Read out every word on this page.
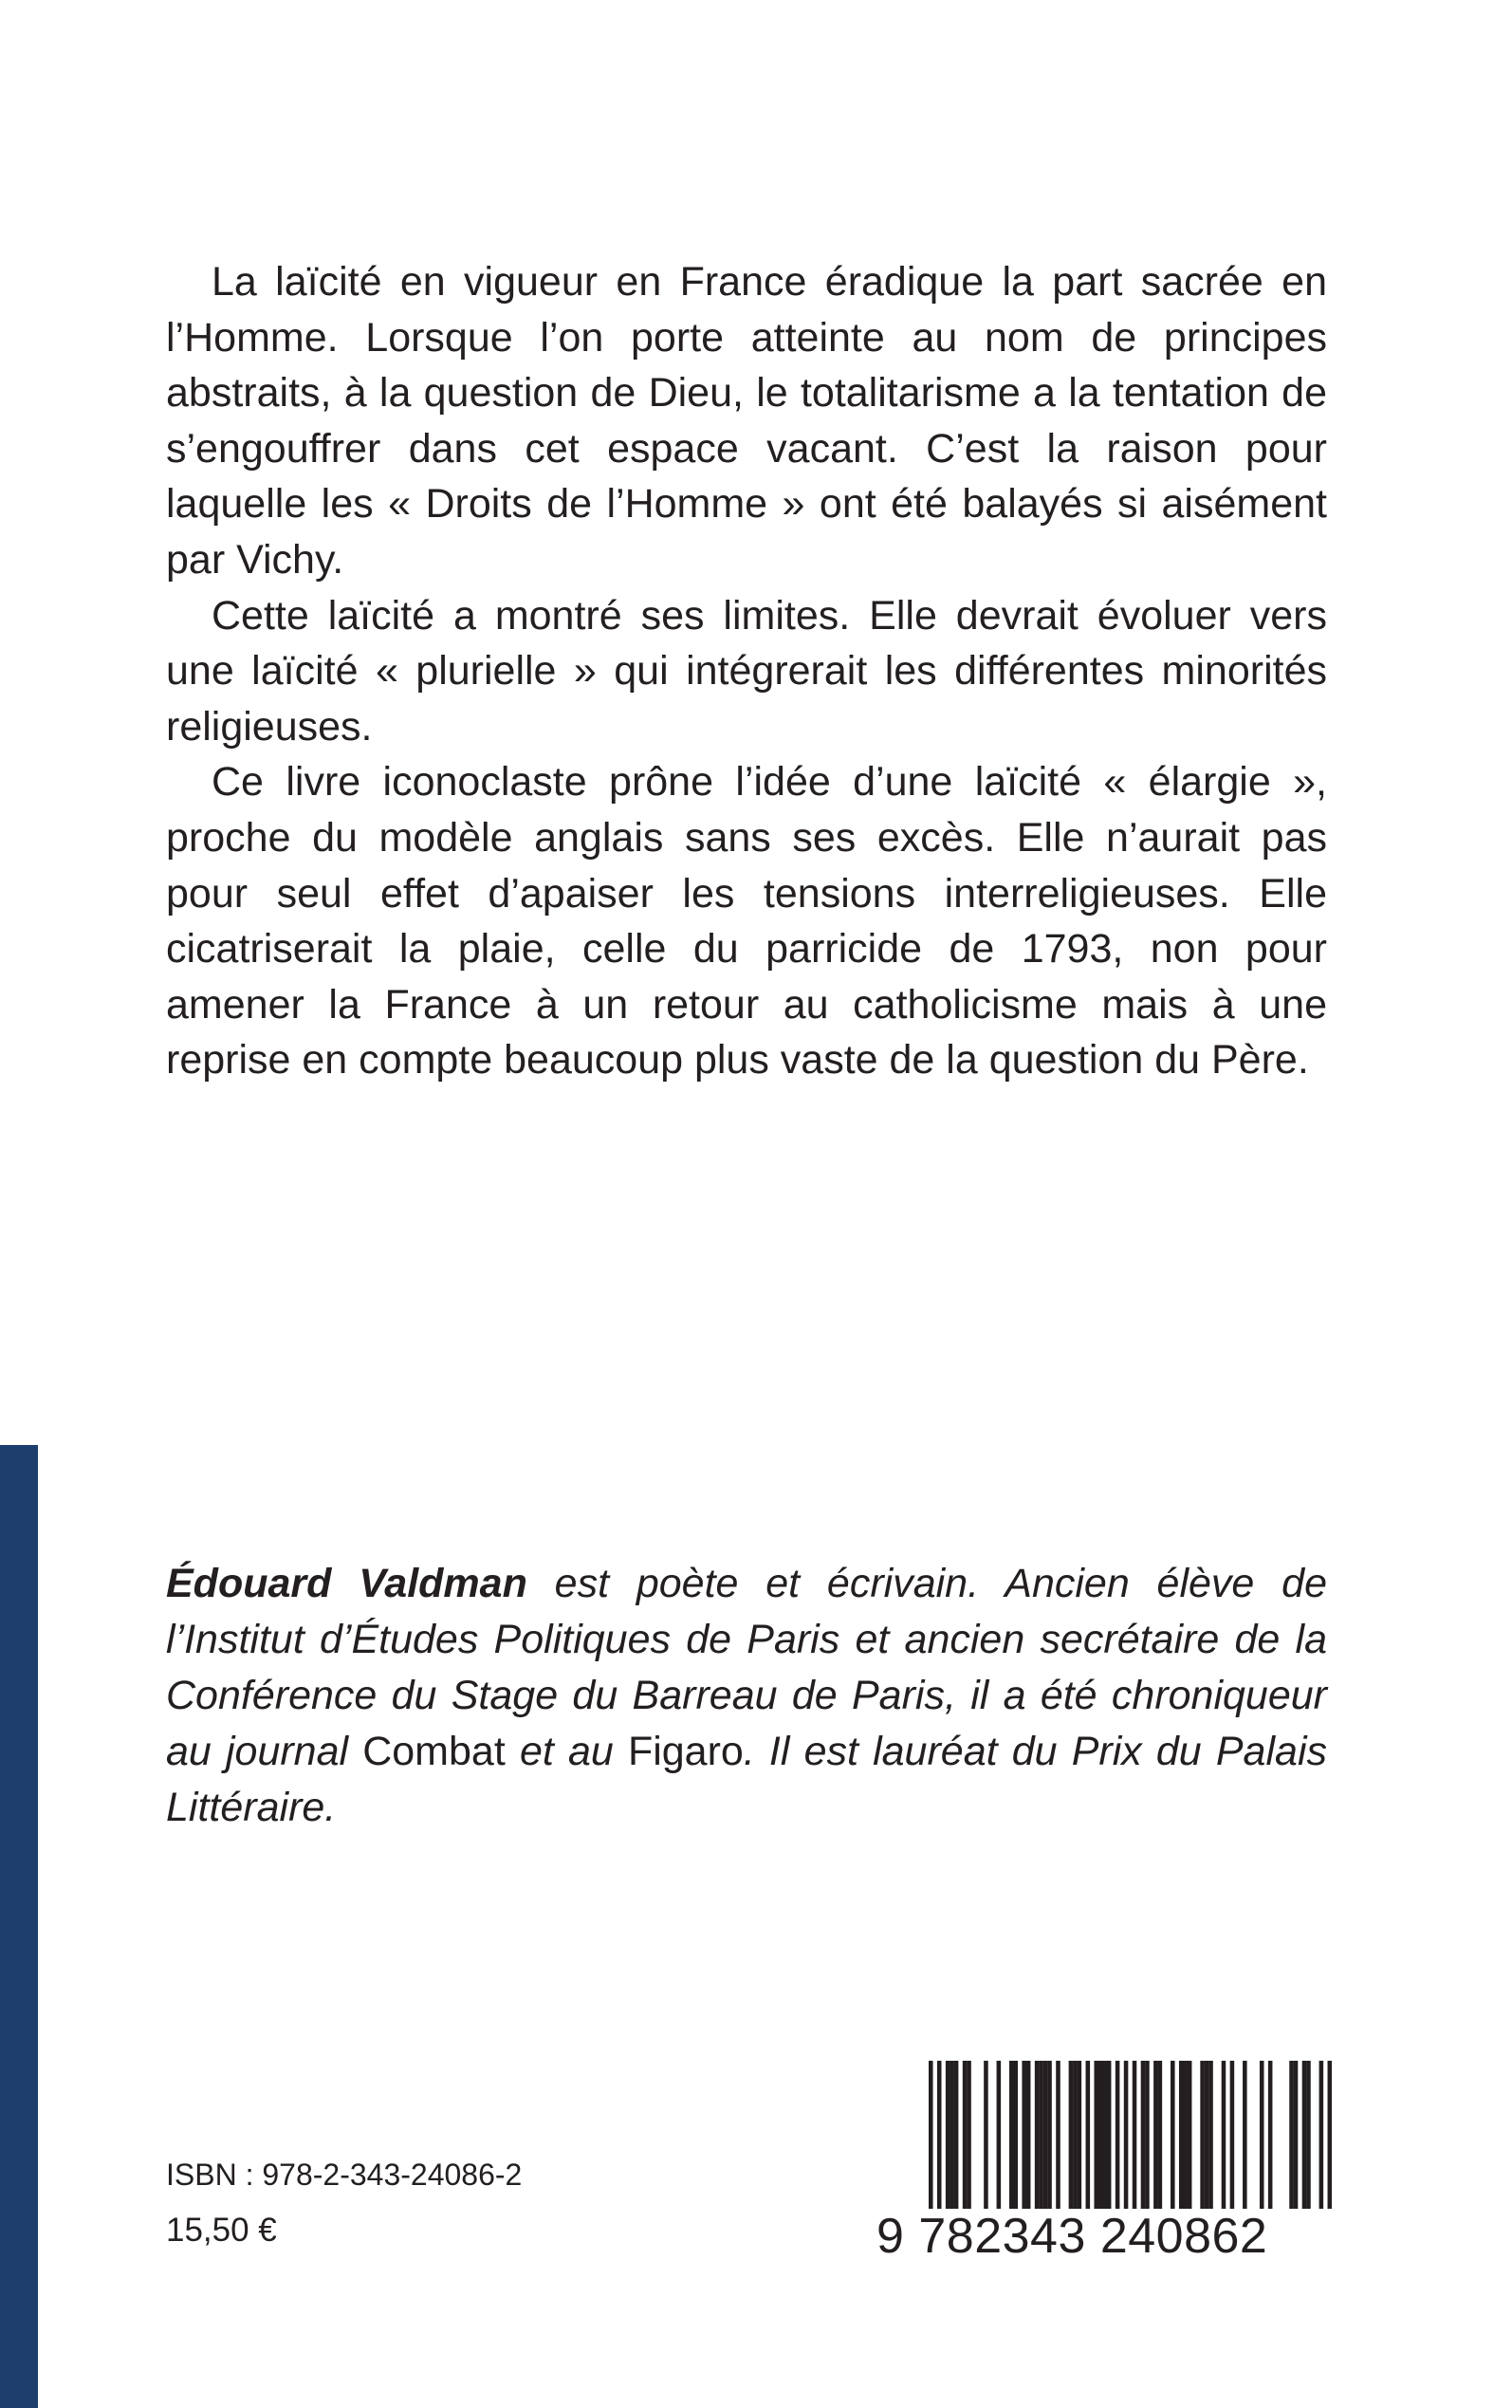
La laïcité en vigueur en France éradique la part sacrée en l’Homme. Lorsque l’on porte atteinte au nom de principes abstraits, à la question de Dieu, le totalitarisme a la tentation de s’engouffrer dans cet espace vacant. C’est la raison pour laquelle les « Droits de l’Homme » ont été balayés si aisément par Vichy.

Cette laïcité a montré ses limites. Elle devrait évoluer vers une laïcité « plurielle » qui intégrerait les différentes minorités religieuses.

Ce livre iconoclaste prône l’idée d’une laïcité « élargie », proche du modèle anglais sans ses excès. Elle n’aurait pas pour seul effet d’apaiser les tensions interreligieuses. Elle cicatriserait la plaie, celle du parricide de 1793, non pour amener la France à un retour au catholicisme mais à une reprise en compte beaucoup plus vaste de la question du Père.

Édouard Valdman est poète et écrivain. Ancien élève de l’Institut d’Études Politiques de Paris et ancien secrétaire de la Conférence du Stage du Barreau de Paris, il a été chroniqueur au journal Combat et au Figaro. Il est lauréat du Prix du Palais Littéraire.
ISBN : 978-2-343-24086-2
15,50 €	9 782343 240862
